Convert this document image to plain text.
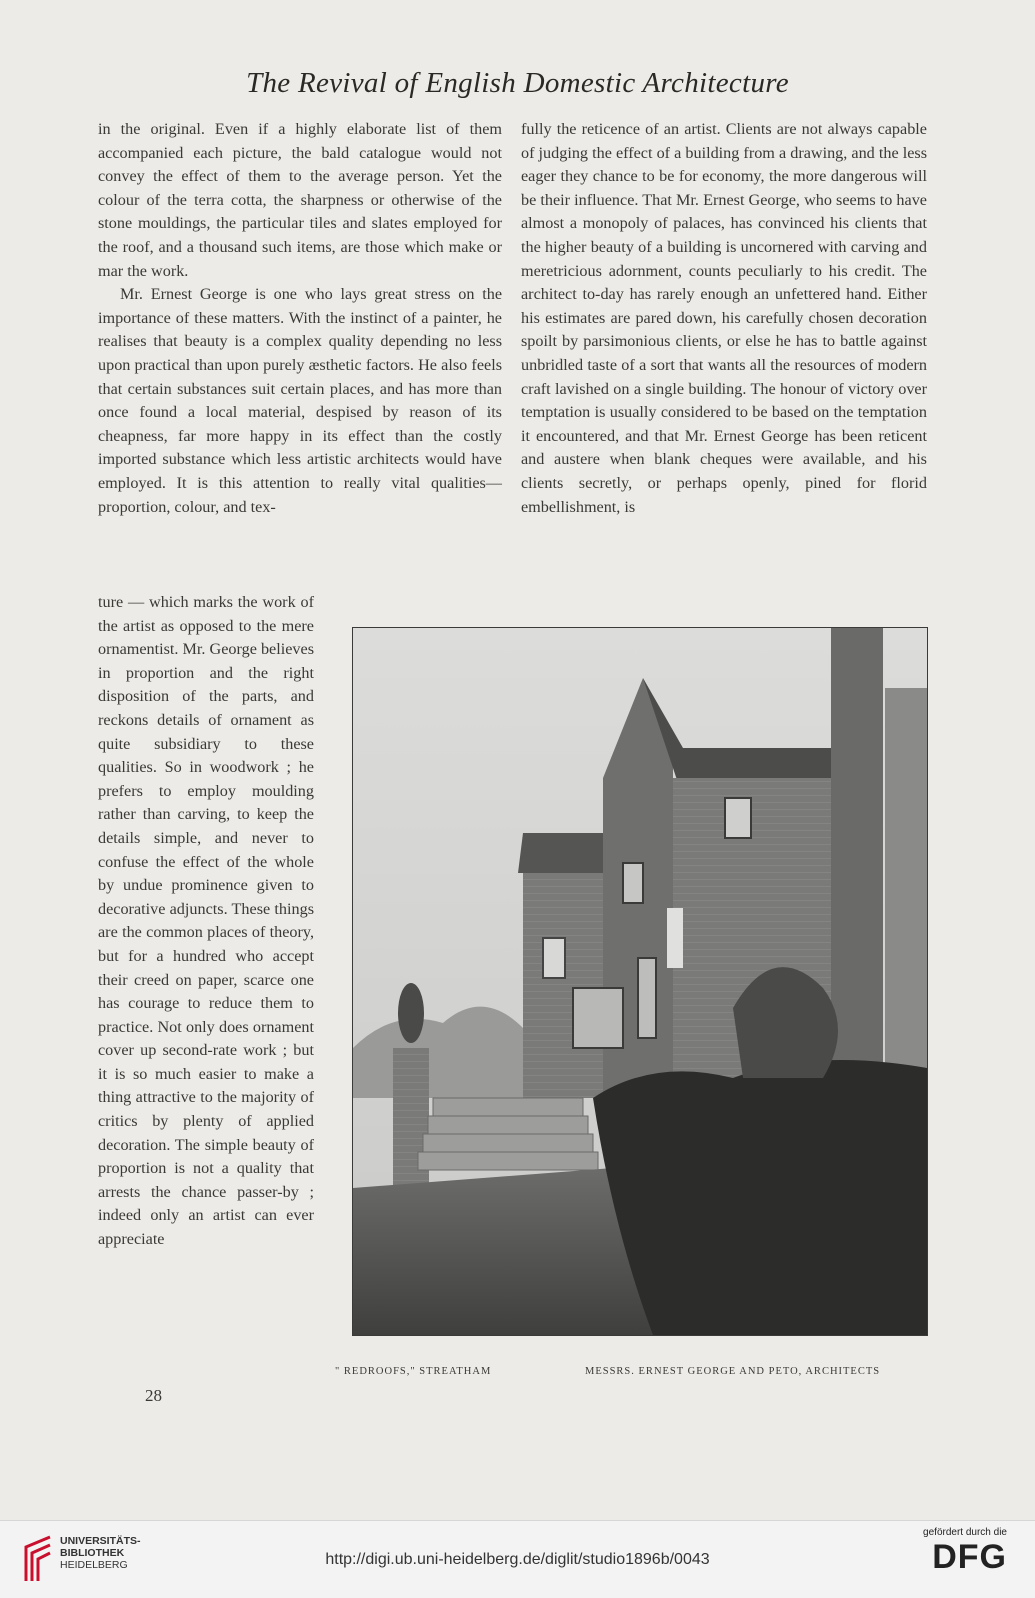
The Revival of English Domestic Architecture

in the original. Even if a highly elaborate list of them accompanied each picture, the bald catalogue would not convey the effect of them to the average person. Yet the colour of the terra cotta, the sharpness or otherwise of the stone mouldings, the particular tiles and slates employed for the roof, and a thousand such items, are those which make or mar the work.

Mr. Ernest George is one who lays great stress on the importance of these matters. With the instinct of a painter, he realises that beauty is a complex quality depending no less upon practical than upon purely æsthetic factors. He also feels that certain substances suit certain places, and has more than once found a local material, despised by reason of its cheapness, far more happy in its effect than the costly imported substance which less artistic architects would have employed. It is this attention to really vital qualities—proportion, colour, and tex-

ture — which marks the work of the artist as opposed to the mere ornamentist. Mr. George believes in proportion and the right disposition of the parts, and reckons details of ornament as quite subsidiary to these qualities. So in woodwork ; he prefers to employ moulding rather than carving, to keep the details simple, and never to confuse the effect of the whole by undue prominence given to decorative adjuncts. These things are the common places of theory, but for a hundred who accept their creed on paper, scarce one has courage to reduce them to practice. Not only does ornament cover up second-rate work ; but it is so much easier to make a thing attractive to the majority of critics by plenty of applied decoration. The simple beauty of proportion is not a quality that arrests the chance passer-by ; indeed only an artist can ever appreciate

fully the reticence of an artist. Clients are not always capable of judging the effect of a building from a drawing, and the less eager they chance to be for economy, the more dangerous will be their influence. That Mr. Ernest George, who seems to have almost a monopoly of palaces, has convinced his clients that the higher beauty of a building is uncornered with carving and meretricious adornment, counts peculiarly to his credit. The architect to-day has rarely enough an unfettered hand. Either his estimates are pared down, his carefully chosen decoration spoilt by parsimonious clients, or else he has to battle against unbridled taste of a sort that wants all the resources of modern craft lavished on a single building. The honour of victory over temptation is usually considered to be based on the temptation it encountered, and that Mr. Ernest George has been reticent and austere when blank cheques were available, and his clients secretly, or perhaps openly, pined for florid embellishment, is

" REDROOFS," STREATHAM	MESSRS. ERNEST GEORGE AND PETO, ARCHITECTS
28
UNIVERSITÄTS-
BIBLIOTHEK
HEIDELBERG	http://digi.ub.uni-heidelberg.de/diglit/studio1896b/0043
gefördert durch die
DFG
